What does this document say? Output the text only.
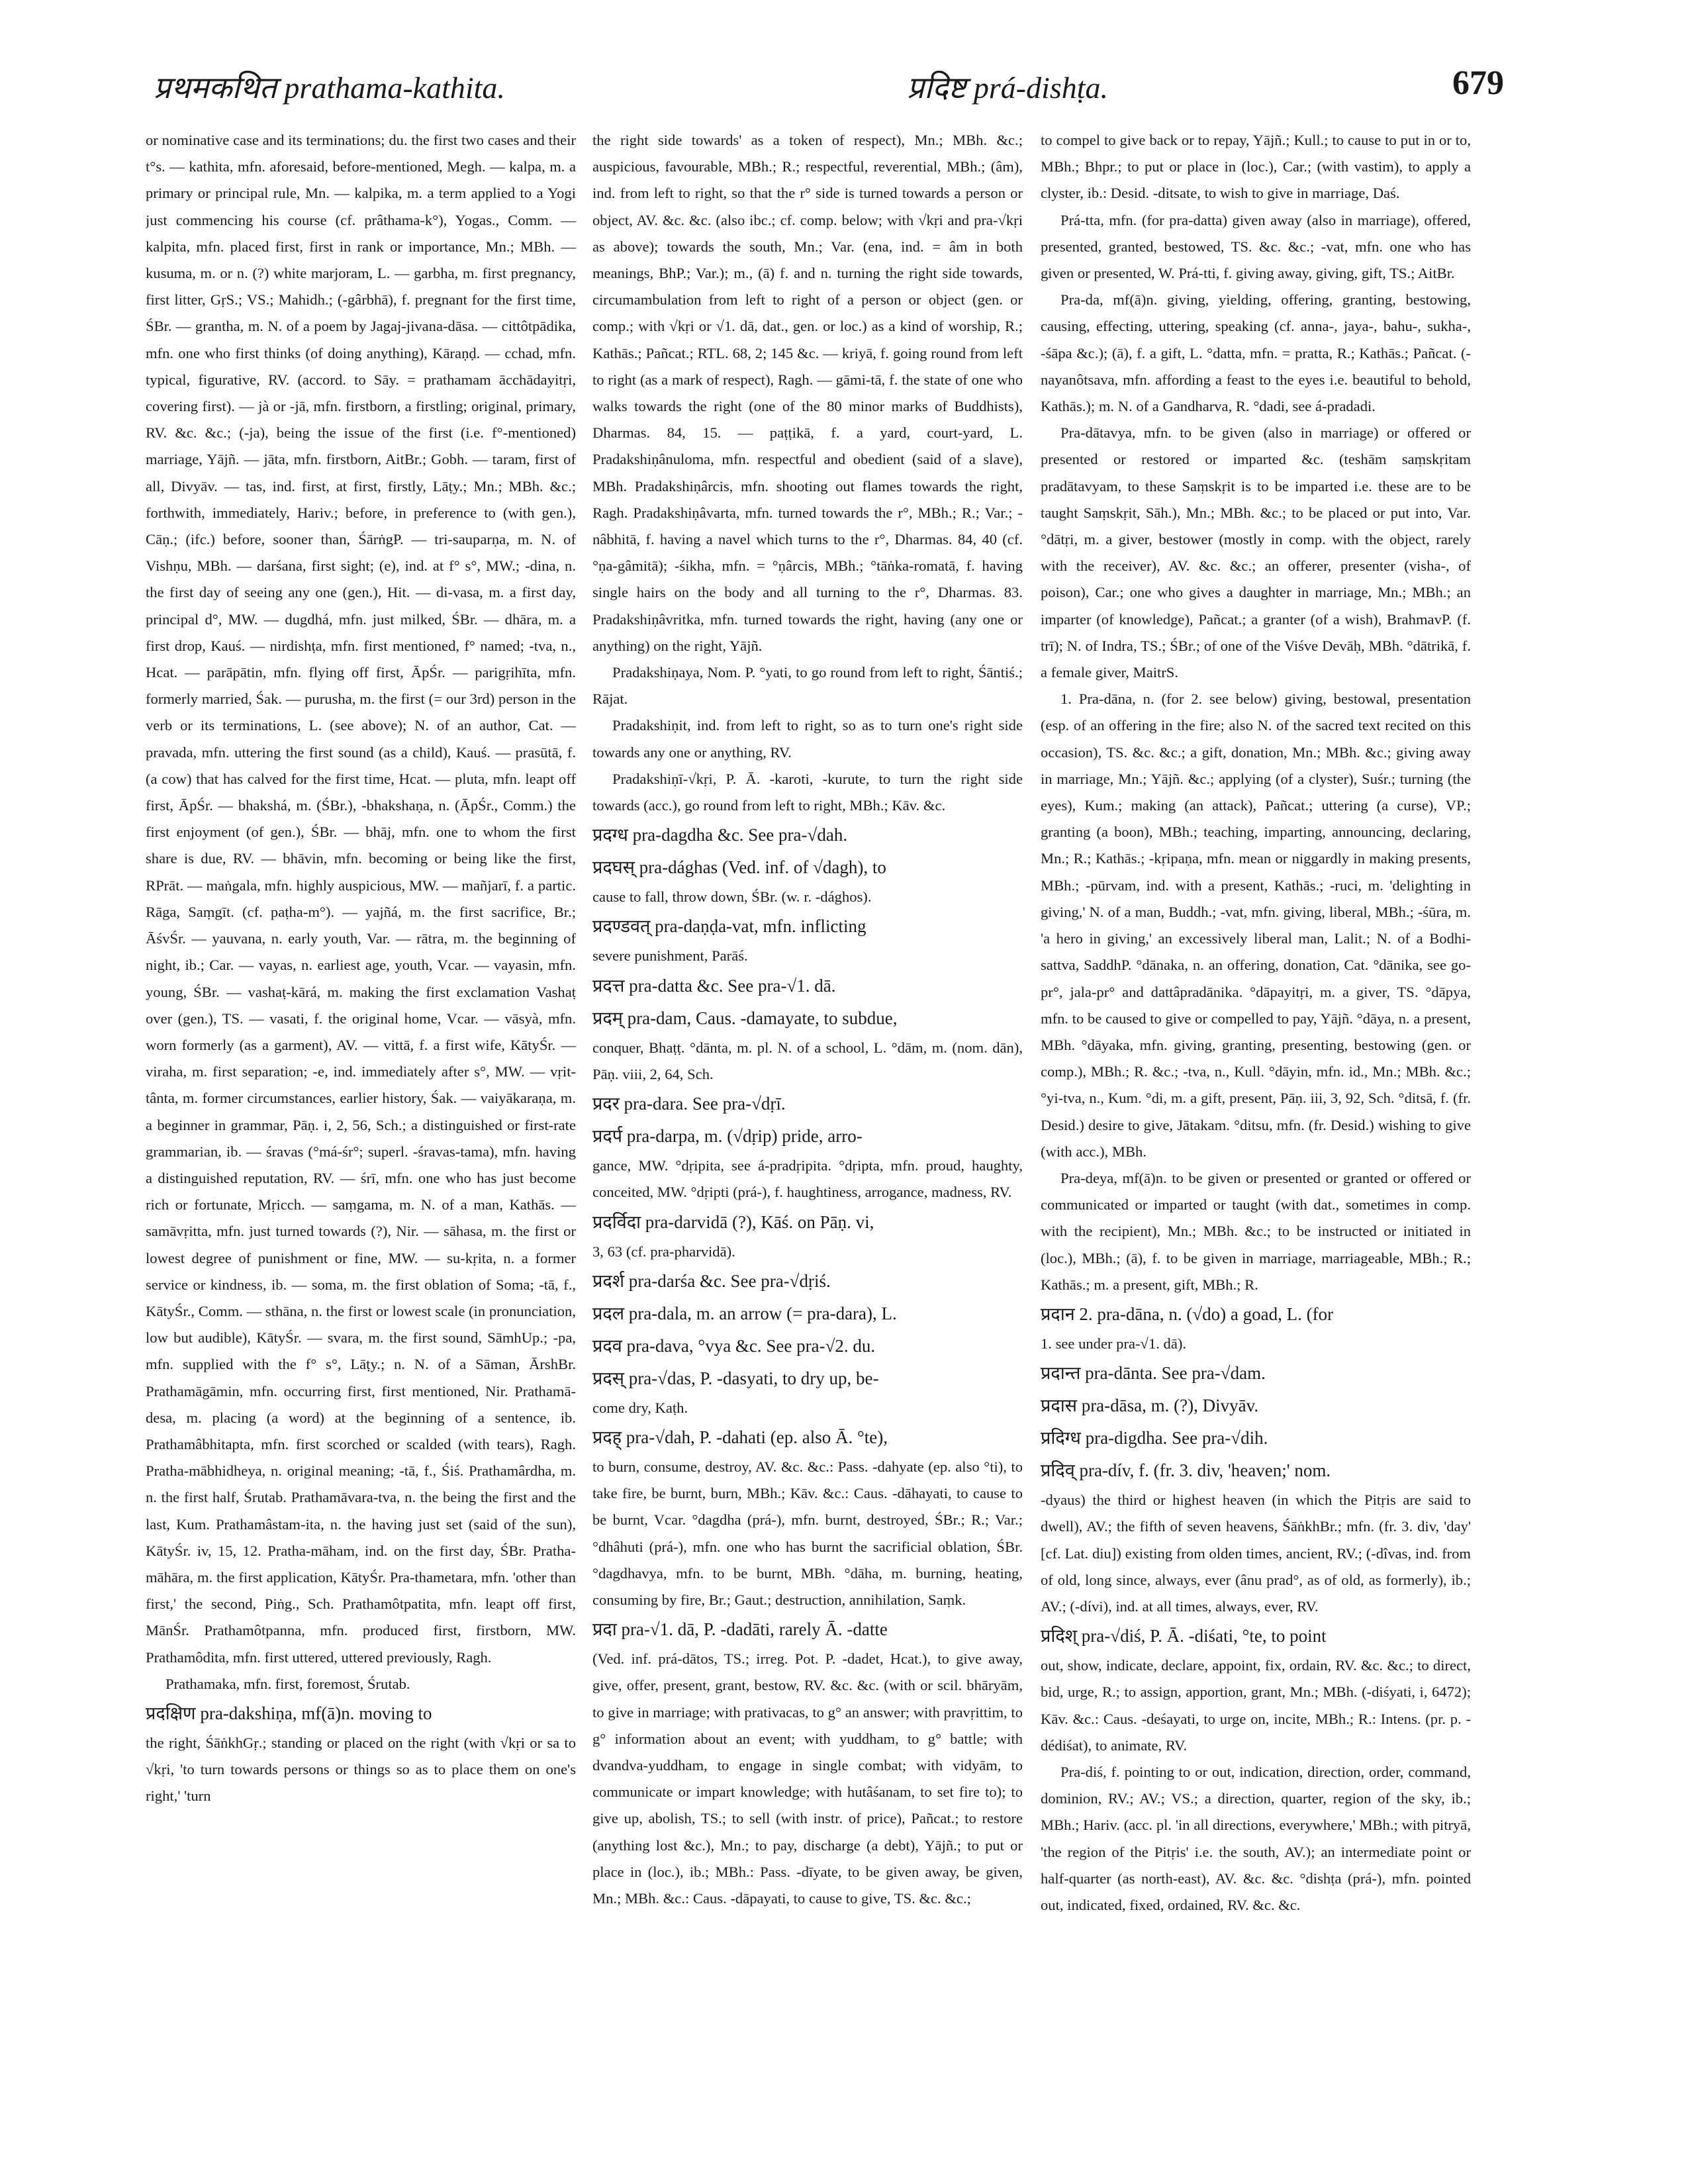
प्रथमकथित prathama-kathita.	प्रदिष्ट prá-dishṭa.	679

or nominative case and its terminations; du. the first two cases and their t°s. — kathita, mfn. aforesaid, before-mentioned, Megh. — kalpa, m. a primary or principal rule, Mn. — kalpika, m. a term applied to a Yogi just commencing his course (cf. prâthama-k°), Yogas., Comm. — kalpita, mfn. placed first, first in rank or importance, Mn.; MBh. — kusuma, m. or n. (?) white marjoram, L. — garbha, m. first pregnancy, first litter, GṛS.; VS.; Mahidh.; (-gârbhā), f. pregnant for the first time, ŚBr. — grantha, m. N. of a poem by Jagaj-jivana-dāsa. — cittôtpādika, mfn. one who first thinks (of doing anything), Kāraṇḍ. — cchad, mfn. typical, figurative, RV. (accord. to Sāy. = prathamam ācchādayitṛi, covering first). — jà or -jā, mfn. firstborn, a firstling; original, primary, RV. &c. &c.; (-ja), being the issue of the first (i.e. f°-mentioned) marriage, Yājñ. — jāta, mfn. firstborn, AitBr.; Gobh. — taram, first of all, Divyāv. — tas, ind. first, at first, firstly, Lāṭy.; Mn.; MBh. &c.; forthwith, immediately, Hariv.; before, in preference to (with gen.), Cāṇ.; (ifc.) before, sooner than, ŚārṅgP. — tri-sauparṇa, m. N. of Vishṇu, MBh. — darśana, first sight; (e), ind. at f° s°, MW.; -dina, n. the first day of seeing any one (gen.), Hit. — di-vasa, m. a first day, principal d°, MW. — dugdhá, mfn. just milked, ŚBr. — dhāra, m. a first drop, Kauś. — nirdishṭa, mfn. first mentioned, f° named; -tva, n., Hcat. — parāpātin, mfn. flying off first, ĀpŚr. — parigṛihīta, mfn. formerly married, Śak. — purusha, m. the first (= our 3rd) person in the verb or its terminations, L. (see above); N. of an author, Cat. — pravada, mfn. uttering the first sound (as a child), Kauś. — prasūtā, f. (a cow) that has calved for the first time, Hcat. — pluta, mfn. leapt off first, ĀpŚr. — bhakshá, m. (ŚBr.), -bhakshaṇa, n. (ĀpŚr., Comm.) the first enjoyment (of gen.), ŚBr. — bhāj, mfn. one to whom the first share is due, RV. — bhāvin, mfn. becoming or being like the first, RPrāt. — maṅgala, mfn. highly auspicious, MW. — mañjarī, f. a partic. Rāga, Saṃgīt. (cf. paṭha-m°). — yajñá, m. the first sacrifice, Br.; ĀśvŚr. — yauvana, n. early youth, Var. — rātra, m. the beginning of night, ib.; Car. — vayas, n. earliest age, youth, Vcar. — vayasin, mfn. young, ŚBr. — vashaṭ-kārá, m. making the first exclamation Vashaṭ over (gen.), TS. — vasati, f. the original home, Vcar. — vāsyà, mfn. worn formerly (as a garment), AV. — vittā, f. a first wife, KātyŚr. — viraha, m. first separation; -e, ind. immediately after s°, MW. — vṛit-tânta, m. former circumstances, earlier history, Śak. — vaiyākaraṇa, m. a beginner in grammar, Pāṇ. i, 2, 56, Sch.; a distinguished or first-rate grammarian, ib. — śravas (°má-śr°; superl. -śravas-tama), mfn. having a distinguished reputation, RV. — śrī, mfn. one who has just become rich or fortunate, Mṛicch. — saṃgama, m. N. of a man, Kathās. — samāvṛitta, mfn. just turned towards (?), Nir. — sāhasa, m. the first or lowest degree of punishment or fine, MW. — su-kṛita, n. a former service or kindness, ib. — soma, m. the first oblation of Soma; -tā, f., KātyŚr., Comm. — sthāna, n. the first or lowest scale (in pronunciation, low but audible), KātyŚr. — svara, m. the first sound, SāmhUp.; -pa, mfn. supplied with the f° s°, Lāṭy.; n. N. of a Sāman, ĀrshBr. Prathamāgāmin, mfn. occurring first, first mentioned, Nir. Prathamā-desa, m. placing (a word) at the beginning of a sentence, ib. Prathamâbhitapta, mfn. first scorched or scalded (with tears), Ragh. Pratha-mābhidheya, n. original meaning; -tā, f., Śiś. Prathamârdha, m. n. the first half, Śrutab. Prathamāvara-tva, n. the being the first and the last, Kum. Prathamâstam-ita, n. the having just set (said of the sun), KātyŚr. iv, 15, 12. Pratha-māham, ind. on the first day, ŚBr. Pratha-māhāra, m. the first application, KātyŚr. Pra-thametara, mfn. 'other than first,' the second, Piṅg., Sch. Prathamôtpatita, mfn. leapt off first, MānŚr. Prathamôtpanna, mfn. produced first, firstborn, MW. Prathamôdita, mfn. first uttered, uttered previously, Ragh.

Prathamaka, mfn. first, foremost, Śrutab.

प्रदक्षिण pra-dakshiṇa, mf(ā)n. moving to

the right, ŚāṅkhGṛ.; standing or placed on the right (with √kṛi or sa to √kṛi, 'to turn towards persons or things so as to place them on one's right,' 'turn

the right side towards' as a token of respect), Mn.; MBh. &c.; auspicious, favourable, MBh.; R.; respectful, reverential, MBh.; (âm), ind. from left to right, so that the r° side is turned towards a person or object, AV. &c. &c. (also ibc.; cf. comp. below; with √kṛi and pra-√kṛi as above); towards the south, Mn.; Var. (ena, ind. = âm in both meanings, BhP.; Var.); m., (ā) f. and n. turning the right side towards, circumambulation from left to right of a person or object (gen. or comp.; with √kṛi or √1. dā, dat., gen. or loc.) as a kind of worship, R.; Kathās.; Pañcat.; RTL. 68, 2; 145 &c. — kriyā, f. going round from left to right (as a mark of respect), Ragh. — gāmi-tā, f. the state of one who walks towards the right (one of the 80 minor marks of Buddhists), Dharmas. 84, 15. — paṭṭikā, f. a yard, court-yard, L. Pradakshiṇânuloma, mfn. respectful and obedient (said of a slave), MBh. Pradakshiṇârcis, mfn. shooting out flames towards the right, Ragh. Pradakshiṇâvarta, mfn. turned towards the r°, MBh.; R.; Var.; -nâbhitā, f. having a navel which turns to the r°, Dharmas. 84, 40 (cf. °ṇa-gâmitā); -śikha, mfn. = °ṇârcis, MBh.; °tāṅka-romatā, f. having single hairs on the body and all turning to the r°, Dharmas. 83. Pradakshiṇâvritka, mfn. turned towards the right, having (any one or anything) on the right, Yājñ.

Pradakshiṇaya, Nom. P. °yati, to go round from left to right, Śāntiś.; Rājat.

Pradakshiṇit, ind. from left to right, so as to turn one's right side towards any one or anything, RV.

Pradakshiṇī-√kṛi, P. Ā. -karoti, -kurute, to turn the right side towards (acc.), go round from left to right, MBh.; Kāv. &c.

प्रदग्ध pra-dagdha &c. See pra-√dah.

प्रदघस् pra-dághas (Ved. inf. of √dagh), to

cause to fall, throw down, ŚBr. (w. r. -dághos).

प्रदण्डवत् pra-daṇḍa-vat, mfn. inflicting

severe punishment, Parāś.

प्रदत्त pra-datta &c. See pra-√1. dā.

प्रदम् pra-dam, Caus. -damayate, to subdue,

conquer, Bhaṭṭ. °dānta, m. pl. N. of a school, L. °dām, m. (nom. dān), Pāṇ. viii, 2, 64, Sch.

प्रदर pra-dara. See pra-√dṛī.

प्रदर्प pra-darpa, m. (√dṛip) pride, arro-

gance, MW. °dṛipita, see á-pradṛipita. °dṛipta, mfn. proud, haughty, conceited, MW. °dṛipti (prá-), f. haughtiness, arrogance, madness, RV.

प्रदर्विदा pra-darvidā (?), Kāś. on Pāṇ. vi,

3, 63 (cf. pra-pharvidā).

प्रदर्श pra-darśa &c. See pra-√dṛiś.

प्रदल pra-dala, m. an arrow (= pra-dara), L.

प्रदव pra-dava, °vya &c. See pra-√2. du.

प्रदस् pra-√das, P. -dasyati, to dry up, be-

come dry, Kaṭh.

प्रदह् pra-√dah, P. -dahati (ep. also Ā. °te),

to burn, consume, destroy, AV. &c. &c.: Pass. -dahyate (ep. also °ti), to take fire, be burnt, burn, MBh.; Kāv. &c.: Caus. -dāhayati, to cause to be burnt, Vcar. °dagdha (prá-), mfn. burnt, destroyed, ŚBr.; R.; Var.; °dhâhuti (prá-), mfn. one who has burnt the sacrificial oblation, ŚBr. °dagdhavya, mfn. to be burnt, MBh. °dāha, m. burning, heating, consuming by fire, Br.; Gaut.; destruction, annihilation, Saṃk.

प्रदा pra-√1. dā, P. -dadāti, rarely Ā. -datte

(Ved. inf. prá-dātos, TS.; irreg. Pot. P. -dadet, Hcat.), to give away, give, offer, present, grant, bestow, RV. &c. &c. (with or scil. bhāryām, to give in marriage; with prativacas, to g° an answer; with pravṛittim, to g° information about an event; with yuddham, to g° battle; with dvandva-yuddham, to engage in single combat; with vidyām, to communicate or impart knowledge; with hutâśanam, to set fire to); to give up, abolish, TS.; to sell (with instr. of price), Pañcat.; to restore (anything lost &c.), Mn.; to pay, discharge (a debt), Yājñ.; to put or place in (loc.), ib.; MBh.: Pass. -dīyate, to be given away, be given, Mn.; MBh. &c.: Caus. -dāpayati, to cause to give, TS. &c. &c.;

to compel to give back or to repay, Yājñ.; Kull.; to cause to put in or to, MBh.; Bhpr.; to put or place in (loc.), Car.; (with vastim), to apply a clyster, ib.: Desid. -ditsate, to wish to give in marriage, Daś.

Prá-tta, mfn. (for pra-datta) given away (also in marriage), offered, presented, granted, bestowed, TS. &c. &c.; -vat, mfn. one who has given or presented, W. Prá-tti, f. giving away, giving, gift, TS.; AitBr.

Pra-da, mf(ā)n. giving, yielding, offering, granting, bestowing, causing, effecting, uttering, speaking (cf. anna-, jaya-, bahu-, sukha-, -śāpa &c.); (ā), f. a gift, L. °datta, mfn. = pratta, R.; Kathās.; Pañcat. (-nayanôtsava, mfn. affording a feast to the eyes i.e. beautiful to behold, Kathās.); m. N. of a Gandharva, R. °dadi, see á-pradadi.

Pra-dātavya, mfn. to be given (also in marriage) or offered or presented or restored or imparted &c. (teshām saṃskṛitam pradātavyam, to these Saṃskṛit is to be imparted i.e. these are to be taught Saṃskṛit, Sāh.), Mn.; MBh. &c.; to be placed or put into, Var. °dātṛi, m. a giver, bestower (mostly in comp. with the object, rarely with the receiver), AV. &c. &c.; an offerer, presenter (visha-, of poison), Car.; one who gives a daughter in marriage, Mn.; MBh.; an imparter (of knowledge), Pañcat.; a granter (of a wish), BrahmavP. (f. trī); N. of Indra, TS.; ŚBr.; of one of the Viśve Devāḥ, MBh. °dātrikā, f. a female giver, MaitrS.

1. Pra-dāna, n. (for 2. see below) giving, bestowal, presentation (esp. of an offering in the fire; also N. of the sacred text recited on this occasion), TS. &c. &c.; a gift, donation, Mn.; MBh. &c.; giving away in marriage, Mn.; Yājñ. &c.; applying (of a clyster), Suśr.; turning (the eyes), Kum.; making (an attack), Pañcat.; uttering (a curse), VP.; granting (a boon), MBh.; teaching, imparting, announcing, declaring, Mn.; R.; Kathās.; -kṛipaṇa, mfn. mean or niggardly in making presents, MBh.; -pūrvam, ind. with a present, Kathās.; -ruci, m. 'delighting in giving,' N. of a man, Buddh.; -vat, mfn. giving, liberal, MBh.; -śūra, m. 'a hero in giving,' an excessively liberal man, Lalit.; N. of a Bodhi-sattva, SaddhP. °dānaka, n. an offering, donation, Cat. °dānika, see go-pr°, jala-pr° and dattâpradānika. °dāpayitṛi, m. a giver, TS. °dāpya, mfn. to be caused to give or compelled to pay, Yājñ. °dāya, n. a present, MBh. °dāyaka, mfn. giving, granting, presenting, bestowing (gen. or comp.), MBh.; R. &c.; -tva, n., Kull. °dāyin, mfn. id., Mn.; MBh. &c.; °yi-tva, n., Kum. °di, m. a gift, present, Pāṇ. iii, 3, 92, Sch. °ditsā, f. (fr. Desid.) desire to give, Jātakam. °ditsu, mfn. (fr. Desid.) wishing to give (with acc.), MBh.

Pra-deya, mf(ā)n. to be given or presented or granted or offered or communicated or imparted or taught (with dat., sometimes in comp. with the recipient), Mn.; MBh. &c.; to be instructed or initiated in (loc.), MBh.; (ā), f. to be given in marriage, marriageable, MBh.; R.; Kathās.; m. a present, gift, MBh.; R.

प्रदान 2. pra-dāna, n. (√do) a goad, L. (for

1. see under pra-√1. dā).

प्रदान्त pra-dānta. See pra-√dam.

प्रदास pra-dāsa, m. (?), Divyāv.

प्रदिग्ध pra-digdha. See pra-√dih.

प्रदिव् pra-dív, f. (fr. 3. div, 'heaven;' nom.

-dyaus) the third or highest heaven (in which the Pitṛis are said to dwell), AV.; the fifth of seven heavens, ŚāṅkhBr.; mfn. (fr. 3. div, 'day' [cf. Lat. diu]) existing from olden times, ancient, RV.; (-dîvas, ind. from of old, long since, always, ever (ânu prad°, as of old, as formerly), ib.; AV.; (-dívi), ind. at all times, always, ever, RV.

प्रदिश् pra-√diś, P. Ā. -diśati, °te, to point

out, show, indicate, declare, appoint, fix, ordain, RV. &c. &c.; to direct, bid, urge, R.; to assign, apportion, grant, Mn.; MBh. (-diśyati, i, 6472); Kāv. &c.: Caus. -deśayati, to urge on, incite, MBh.; R.: Intens. (pr. p. -dédiśat), to animate, RV.

Pra-diś, f. pointing to or out, indication, direction, order, command, dominion, RV.; AV.; VS.; a direction, quarter, region of the sky, ib.; MBh.; Hariv. (acc. pl. 'in all directions, everywhere,' MBh.; with pitryā, 'the region of the Pitṛis' i.e. the south, AV.); an intermediate point or half-quarter (as north-east), AV. &c. &c. °dishṭa (prá-), mfn. pointed out, indicated, fixed, ordained, RV. &c. &c.
